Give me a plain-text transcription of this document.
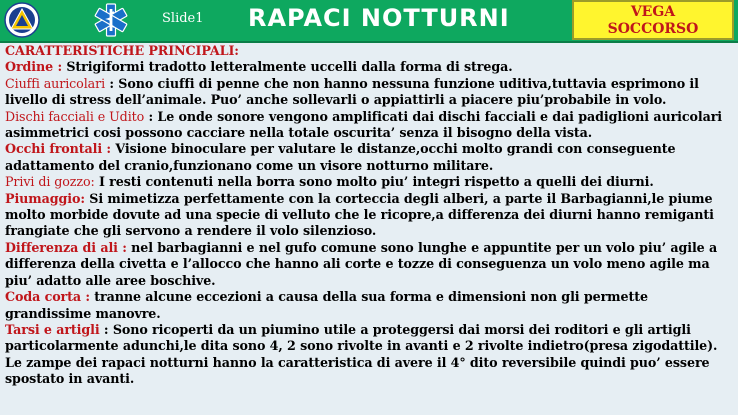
Slide1 RAPACI NOTTURNI	VEGA
SOCCORSO

CARATTERISTICHE PRINCIPALI:

Ordine : Strigiformi tradotto letteralmente uccelli dalla forma di strega.

Ciuffi auricolari : Sono ciuffi di penne che non hanno nessuna funzione uditiva,tuttavia esprimono il livello di stress dell’animale. Puo’ anche sollevarli o appiattirli a piacere piu’probabile in volo.

Dischi facciali e Udito : Le onde sonore vengono amplificati dai dischi facciali e dai padiglioni auricolari asimmetrici cosi possono cacciare nella totale oscurita’ senza il bisogno della vista.

Occhi frontali : Visione binoculare per valutare le distanze,occhi molto grandi con conseguente adattamento del cranio,funzionano come un visore notturno militare.

Privi di gozzo: I resti contenuti nella borra sono molto piu’ integri rispetto a quelli dei diurni.

Piumaggio: Si mimetizza perfettamente con la corteccia degli alberi, a parte il Barbagianni,le piume molto morbide dovute ad una specie di velluto che le ricopre,a differenza dei diurni hanno remiganti frangiate che gli servono a rendere il volo silenzioso.

Differenza di ali : nel barbagianni e nel gufo comune sono lunghe e appuntite per un volo piu’ agile a differenza della civetta e l’allocco che hanno ali corte e tozze di conseguenza un volo meno agile ma piu’ adatto alle aree boschive.

Coda corta : tranne alcune eccezioni a causa della sua forma e dimensioni non gli permette grandissime manovre.

Tarsi e artigli : Sono ricoperti da un piumino utile a proteggersi dai morsi dei roditori e gli artigli particolarmente adunchi,le dita sono 4, 2 sono rivolte in avanti e 2 rivolte indietro(presa zigodattile). Le zampe dei rapaci notturni hanno la caratteristica di avere il 4° dito reversibile quindi puo’ essere spostato in avanti.
